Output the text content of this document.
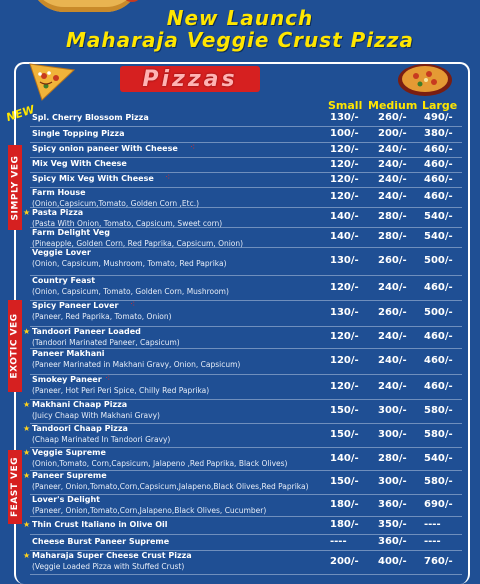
New Launch
Maharaja Veggie Crust Pizza
Pizzas
Small Medium Large
NEW
SIMPLY VEG
EXOTIC VEG
FEAST VEG
Spl. Cherry Blossom Pizza	130/- 260/- 490/-
Single Topping Pizza	100/- 200/- 380/-
Spicy onion paneer With Cheese ⁖	120/- 240/- 460/-
Mix Veg With Cheese	120/- 240/- 460/-
Spicy Mix Veg With Cheese ⁖	120/- 240/- 460/-
Farm House
(Onion,Capsicum,Tomato, Golden Corn ,Etc.)
120/- 240/- 460/-
★ Pasta Pizza
(Pasta With Onion, Tomato, Capsicum, Sweet corn)
140/- 280/- 540/-
Farm Delight Veg
(Pineapple, Golden Corn, Red Paprika, Capsicum, Onion)
140/- 280/- 540/-
Veggie Lover
(Onion, Capsicum, Mushroom, Tomato, Red Paprika)	130/- 260/- 500/-
Country Feast
(Onion, Capsicum, Tomato, Golden Corn, Mushroom)	120/- 240/- 460/-
Spicy Paneer Lover ⁖
(Paneer, Red Paprika, Tomato, Onion)	130/- 260/- 500/-
★ Tandoori Paneer Loaded
(Tandoori Marinated Paneer, Capsicum)
120/- 240/- 460/-
Paneer Makhani
(Paneer Marinated in Makhani Gravy, Onion, Capsicum)	120/- 240/- 460/-
Smokey Paneer ⁖
(Paneer, Hot Peri Peri Spice, Chilly Red Paprika)	120/- 240/- 460/-
★ Makhani Chaap Pizza
(Juicy Chaap With Makhani Gravy)	150/- 300/- 580/-
★ Tandoori Chaap Pizza
(Chaap Marinated In Tandoori Gravy)	150/- 300/- 580/-
★ Veggie Supreme
(Onion,Tomato, Corn,Capsicum, Jalapeno ,Red Paprika, Black Olives)	140/- 280/- 540/-
★ Paneer Supreme
(Paneer, Onion,Tomato,Corn,Capsicum,Jalapeno,Black Olives,Red Paprika) 150/- 300/- 580/-
Lover's Delight
(Paneer, Onion,Tomato,Corn,Jalapeno,Black Olives, Cucumber)
180/- 360/- 690/-
★ Thin Crust Italiano in Olive Oil	180/- 350/- ----
Cheese Burst Paneer Supreme	----	360/- ----
★ Maharaja Super Cheese Crust Pizza
(Veggie Loaded Pizza with Stuffed Crust)	200/- 400/- 760/-
